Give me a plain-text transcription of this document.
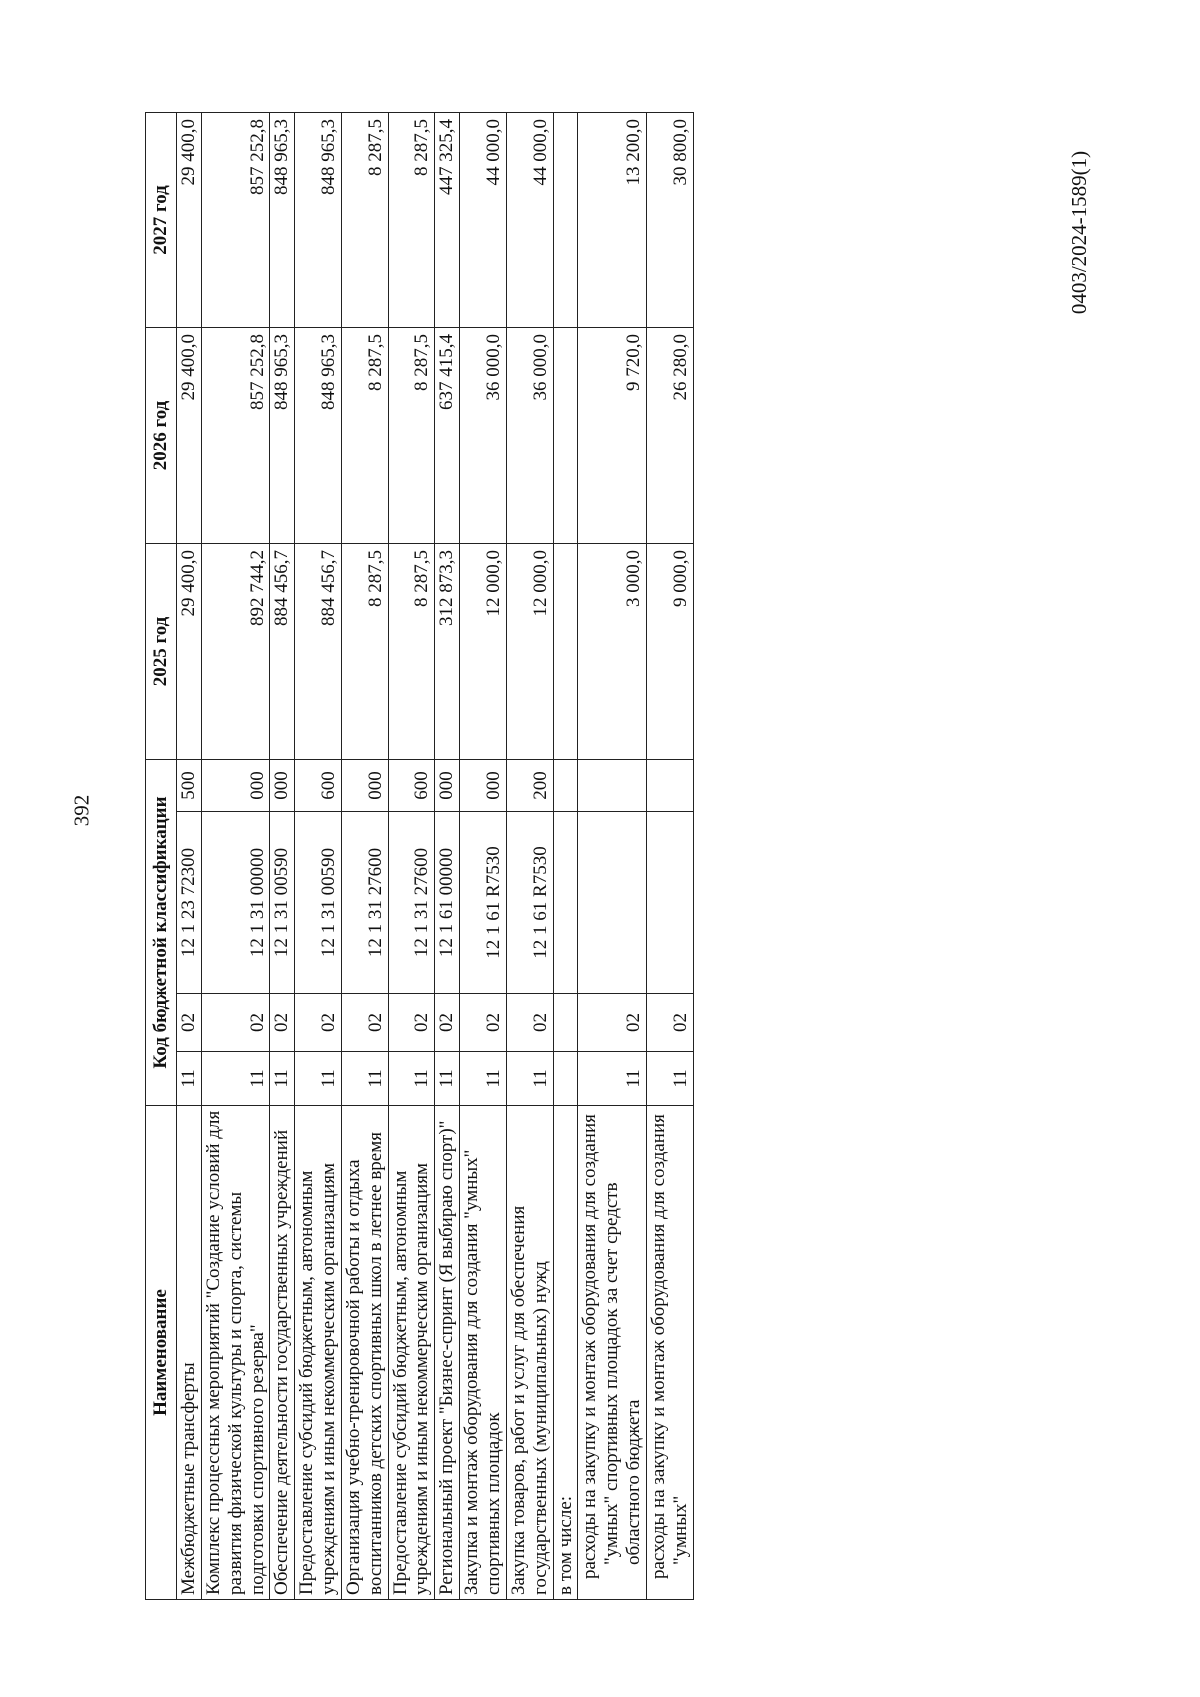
392
0403/2024-1589(1)
Наименование	Код бюджетной классификации				2025 год	2026 год	2027 год
Межбюджетные трансферты	11	02	12 1 23 72300	500	29 400,0	29 400,0	29 400,0
Комплекс процессных мероприятий "Создание условий для развития физической культуры и спорта, системы подготовки спортивного резерва"	11	02	12 1 31 00000	000	892 744,2	857 252,8	857 252,8
Обеспечение деятельности государственных учреждений	11	02	12 1 31 00590	000	884 456,7	848 965,3	848 965,3
Предоставление субсидий бюджетным, автономным учреждениям и иным некоммерческим организациям	11	02	12 1 31 00590	600	884 456,7	848 965,3	848 965,3
Организация учебно-тренировочной работы и отдыха воспитанников детских спортивных школ в летнее время	11	02	12 1 31 27600	000	8 287,5	8 287,5	8 287,5
Предоставление субсидий бюджетным, автономным учреждениям и иным некоммерческим организациям	11	02	12 1 31 27600	600	8 287,5	8 287,5	8 287,5
Региональный проект "Бизнес-спринт (Я выбираю спорт)"	11	02	12 1 61 00000	000	312 873,3	637 415,4	447 325,4
Закупка и монтаж оборудования для создания "умных" спортивных площадок	11	02	12 1 61 R7530	000	12 000,0	36 000,0	44 000,0
Закупка товаров, работ и услуг для обеспечения государственных (муниципальных) нужд	11	02	12 1 61 R7530	200	12 000,0	36 000,0	44 000,0
в том числе:							
расходы на закупку и монтаж оборудования для создания "умных" спортивных площадок за счет средств областного бюджета	11	02			3 000,0	9 720,0	13 200,0
расходы на закупку и монтаж оборудования для создания "умных"	11	02			9 000,0	26 280,0	30 800,0
